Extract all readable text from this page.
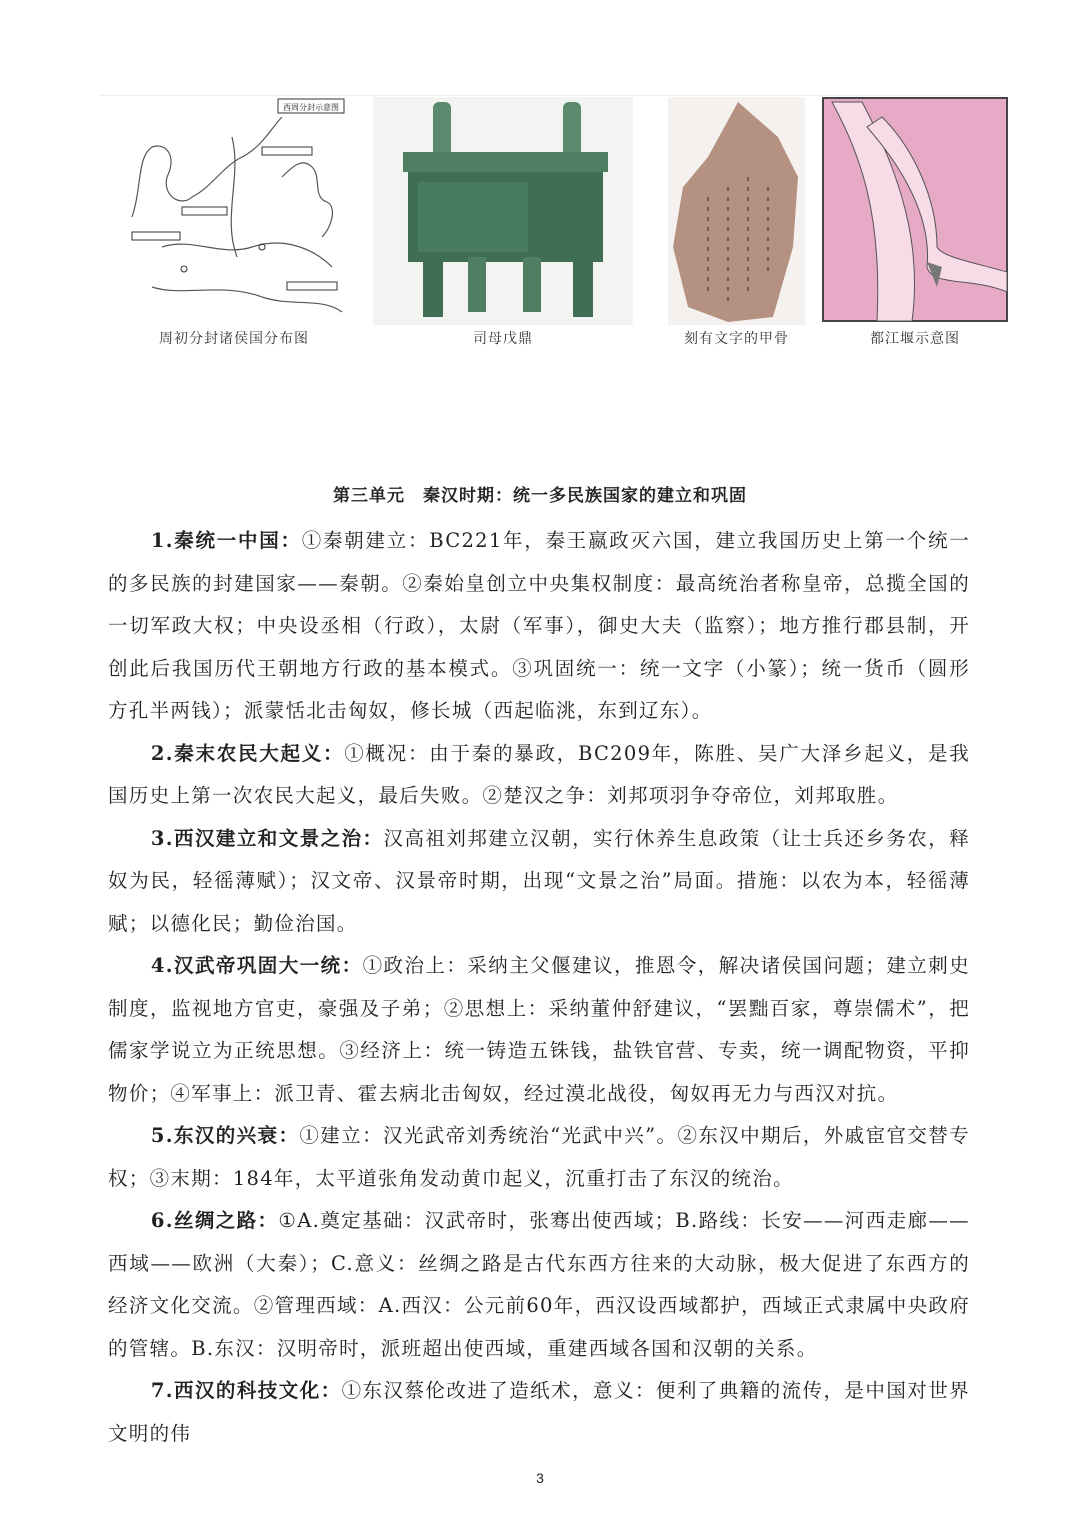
西周分封示意图
周初分封诸侯国分布图	司母戊鼎	刻有文字的甲骨	都江堰示意图
第三单元　秦汉时期：统一多民族国家的建立和巩固

1.秦统一中国：①秦朝建立：BC221年，秦王嬴政灭六国，建立我国历史上第一个统一的多民族的封建国家——秦朝。②秦始皇创立中央集权制度：最高统治者称皇帝，总揽全国的一切军政大权；中央设丞相（行政），太尉（军事），御史大夫（监察）；地方推行郡县制，开创此后我国历代王朝地方行政的基本模式。③巩固统一：统一文字（小篆）；统一货币（圆形方孔半两钱）；派蒙恬北击匈奴，修长城（西起临洮，东到辽东）。

2.秦末农民大起义：①概况：由于秦的暴政，BC209年，陈胜、吴广大泽乡起义，是我国历史上第一次农民大起义，最后失败。②楚汉之争：刘邦项羽争夺帝位，刘邦取胜。

3.西汉建立和文景之治：汉高祖刘邦建立汉朝，实行休养生息政策（让士兵还乡务农，释奴为民，轻徭薄赋）；汉文帝、汉景帝时期，出现“文景之治”局面。措施：以农为本，轻徭薄赋；以德化民；勤俭治国。

4.汉武帝巩固大一统：①政治上：采纳主父偃建议，推恩令，解决诸侯国问题；建立刺史制度，监视地方官吏，豪强及子弟；②思想上：采纳董仲舒建议，“罢黜百家，尊崇儒术”，把儒家学说立为正统思想。③经济上：统一铸造五铢钱，盐铁官营、专卖，统一调配物资，平抑物价；④军事上：派卫青、霍去病北击匈奴，经过漠北战役，匈奴再无力与西汉对抗。

5.东汉的兴衰：①建立：汉光武帝刘秀统治“光武中兴”。②东汉中期后，外戚宦官交替专权；③末期：184年，太平道张角发动黄巾起义，沉重打击了东汉的统治。

6.丝绸之路：①A.奠定基础：汉武帝时，张骞出使西域；B.路线：长安——河西走廊——西域——欧洲（大秦）；C.意义：丝绸之路是古代东西方往来的大动脉，极大促进了东西方的经济文化交流。②管理西域：A.西汉：公元前60年，西汉设西域都护，西域正式隶属中央政府的管辖。B.东汉：汉明帝时，派班超出使西域，重建西域各国和汉朝的关系。

7.西汉的科技文化：①东汉蔡伦改进了造纸术，意义：便利了典籍的流传，是中国对世界文明的伟

3
